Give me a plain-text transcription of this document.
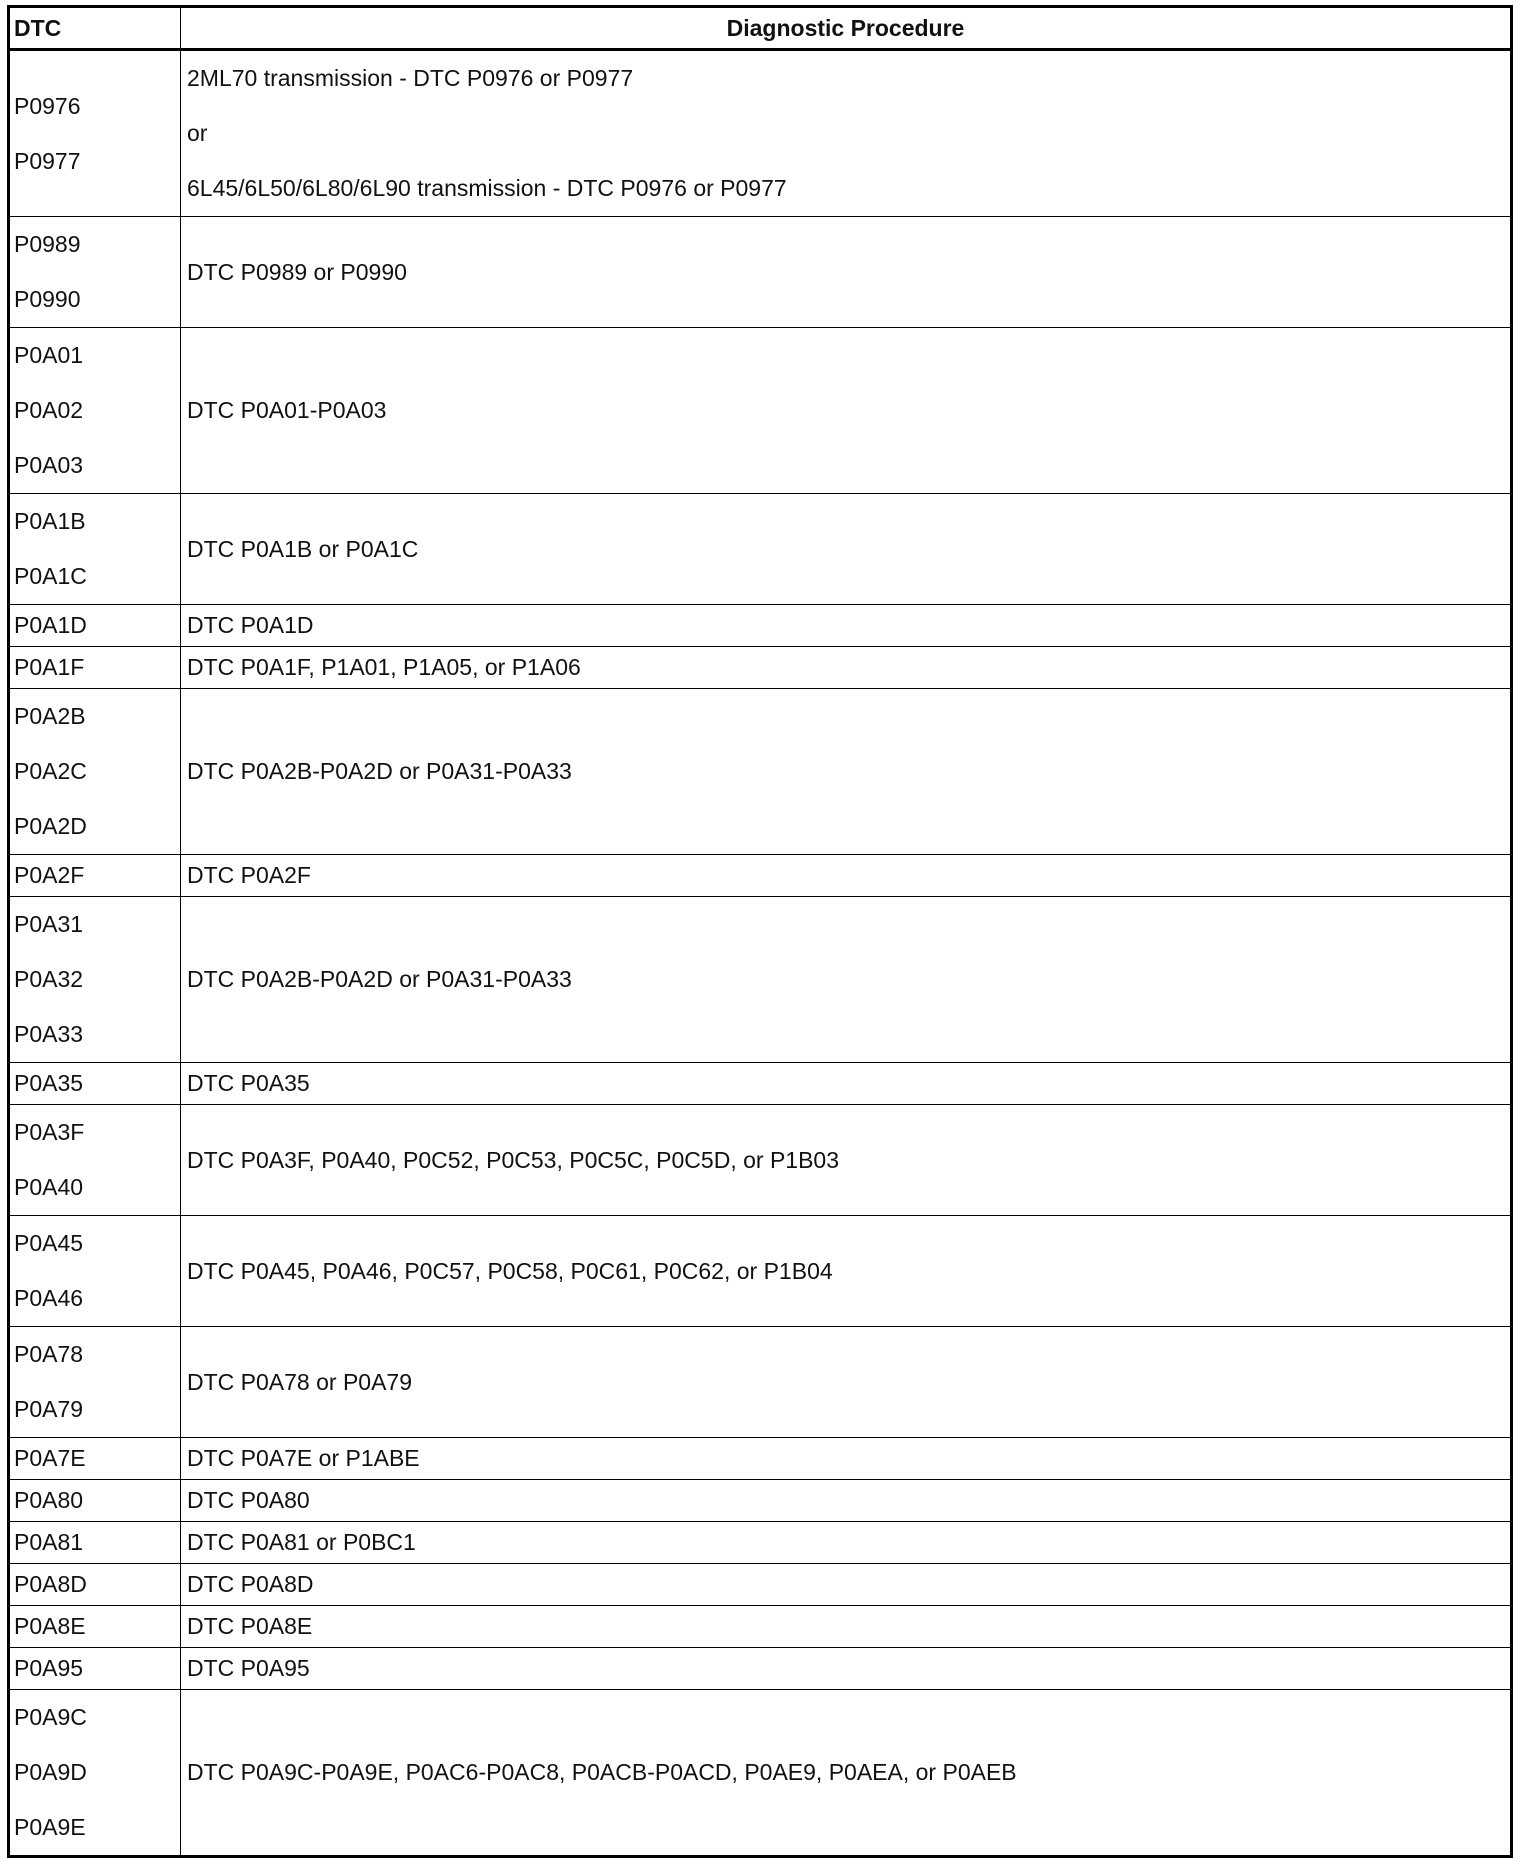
DTC	Diagnostic Procedure

P0976
P0977	2ML70 transmission - DTC P0976 or P0977
or
6L45/6L50/6L80/6L90 transmission - DTC P0976 or P0977

P0989
P0990	DTC P0989 or P0990

P0A01
P0A02
P0A03	DTC P0A01-P0A03

P0A1B
P0A1C	DTC P0A1B or P0A1C

P0A1D	DTC P0A1D

P0A1F	DTC P0A1F, P1A01, P1A05, or P1A06

P0A2B
P0A2C
P0A2D	DTC P0A2B-P0A2D or P0A31-P0A33

P0A2F	DTC P0A2F

P0A31
P0A32
P0A33	DTC P0A2B-P0A2D or P0A31-P0A33

P0A35	DTC P0A35

P0A3F
P0A40	DTC P0A3F, P0A40, P0C52, P0C53, P0C5C, P0C5D, or P1B03

P0A45
P0A46	DTC P0A45, P0A46, P0C57, P0C58, P0C61, P0C62, or P1B04

P0A78
P0A79	DTC P0A78 or P0A79

P0A7E	DTC P0A7E or P1ABE

P0A80	DTC P0A80

P0A81	DTC P0A81 or P0BC1

P0A8D	DTC P0A8D

P0A8E	DTC P0A8E

P0A95	DTC P0A95

P0A9C
P0A9D
P0A9E	DTC P0A9C-P0A9E, P0AC6-P0AC8, P0ACB-P0ACD, P0AE9, P0AEA, or P0AEB
